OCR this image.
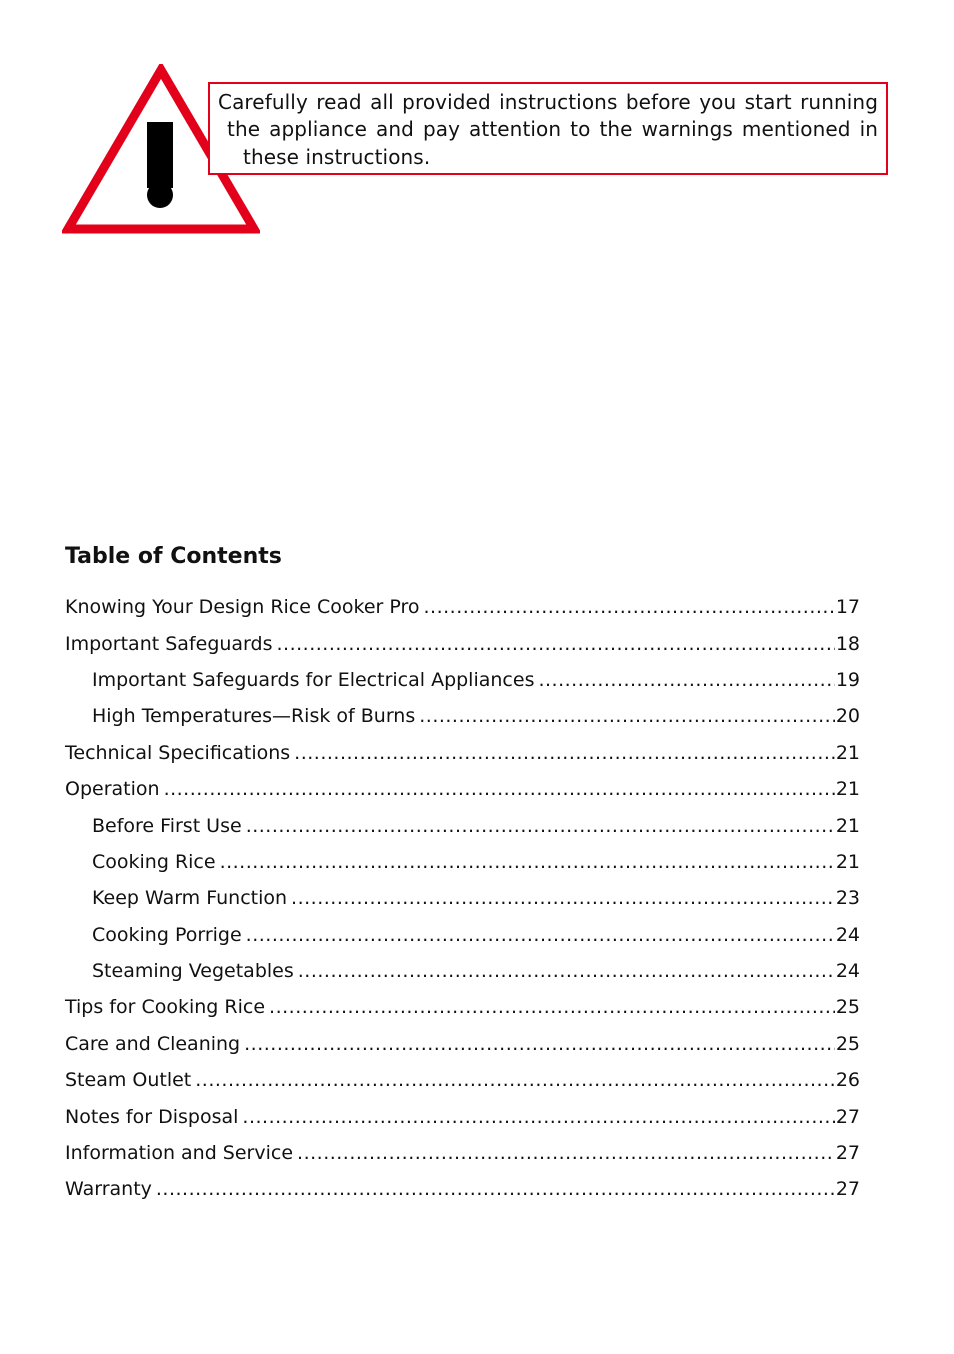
Carefully read all provided instructions before you start running
the appliance and pay attention to the warnings mentioned in
these instructions.
Table of Contents
Knowing Your Design Rice Cooker Pro .....	17
Important Safeguards .....	18
Important Safeguards for Electrical Appliances .....	19
High Temperatures—Risk of Burns .....	20
Technical Specifications .....	21
Operation .....	21
Before First Use .....	21
Cooking Rice .....	21
Keep Warm Function .....	23
Cooking Porrige .....	24
Steaming Vegetables .....	24
Tips for Cooking Rice .....	25
Care and Cleaning .....	25
Steam Outlet .....	26
Notes for Disposal .....	27
Information and Service .....	27
Warranty .....	27
